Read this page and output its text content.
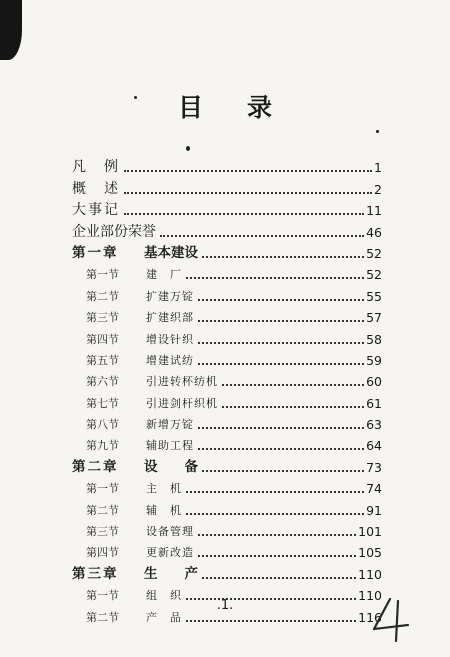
目录
凡　例	1
概　述	2
大事记	11
企业部份荣誉	46
第一章 基本建设	52
第一节 建　厂	52
第二节 扩建万锭	55
第三节 扩建织部	57
第四节 增设针织	58
第五节 增建试纺	59
第六节 引进转杯纺机	60
第七节 引进剑杆织机	61
第八节 新增万锭	63
第九节 辅助工程	64
第二章 设　　备	73
第一节 主　机	74
第二节 辅　机	91
第三节 设备管理	101
第四节 更新改造	105
第三章 生　　产	110
第一节 组　织	110
第二节 产　品	116
.1.
